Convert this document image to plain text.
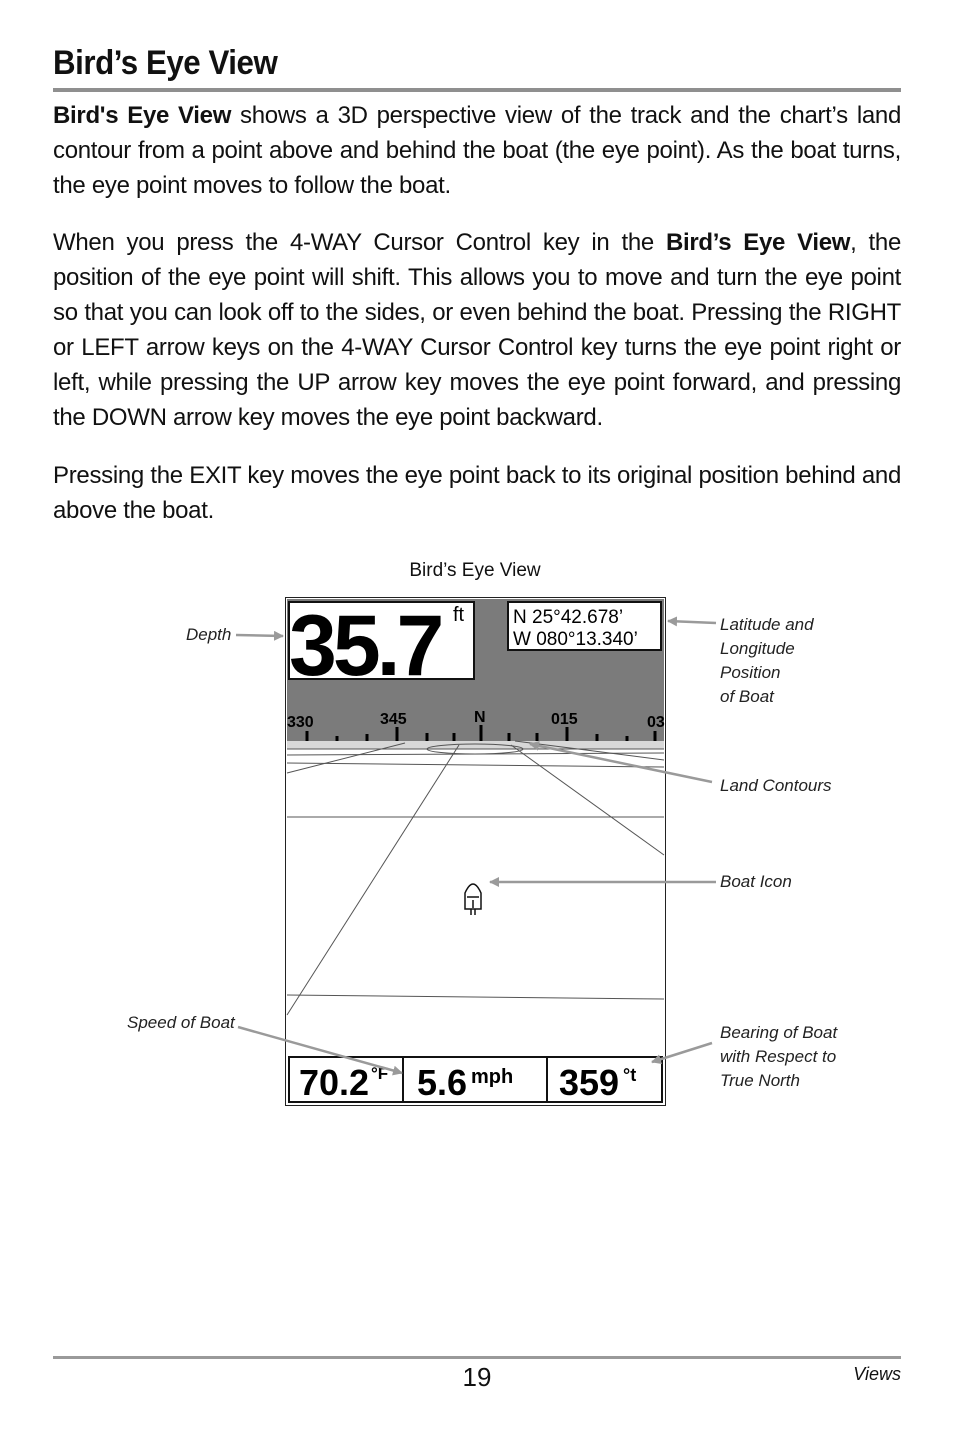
Bird’s Eye View
Bird's Eye View shows a 3D perspective view of the track and the chart’s land contour from a point above and behind the boat (the eye point). As the boat turns, the eye point moves to follow the boat.
When you press the 4-WAY Cursor Control key in the Bird’s Eye View, the position of the eye point will shift. This allows you to move and turn the eye point so that you can look off to the sides, or even behind the boat. Pressing the RIGHT or LEFT arrow keys on the 4-WAY Cursor Control key turns the eye point right or left, while pressing the UP arrow key moves the eye point forward, and pressing the DOWN arrow key moves the eye point backward.
Pressing the EXIT key moves the eye point back to its original position behind and above the boat.
Bird’s Eye View
35.7 ft	N 25°42.678’
W 080°13.340’
330	345	N	015	03
70.2 °F 5.6 mph 359 °t
Depth
Latitude and
Longitude
Position
of Boat
Land Contours
Boat Icon
Speed of Boat
Bearing of Boat
with Respect to
True North
19	Views
